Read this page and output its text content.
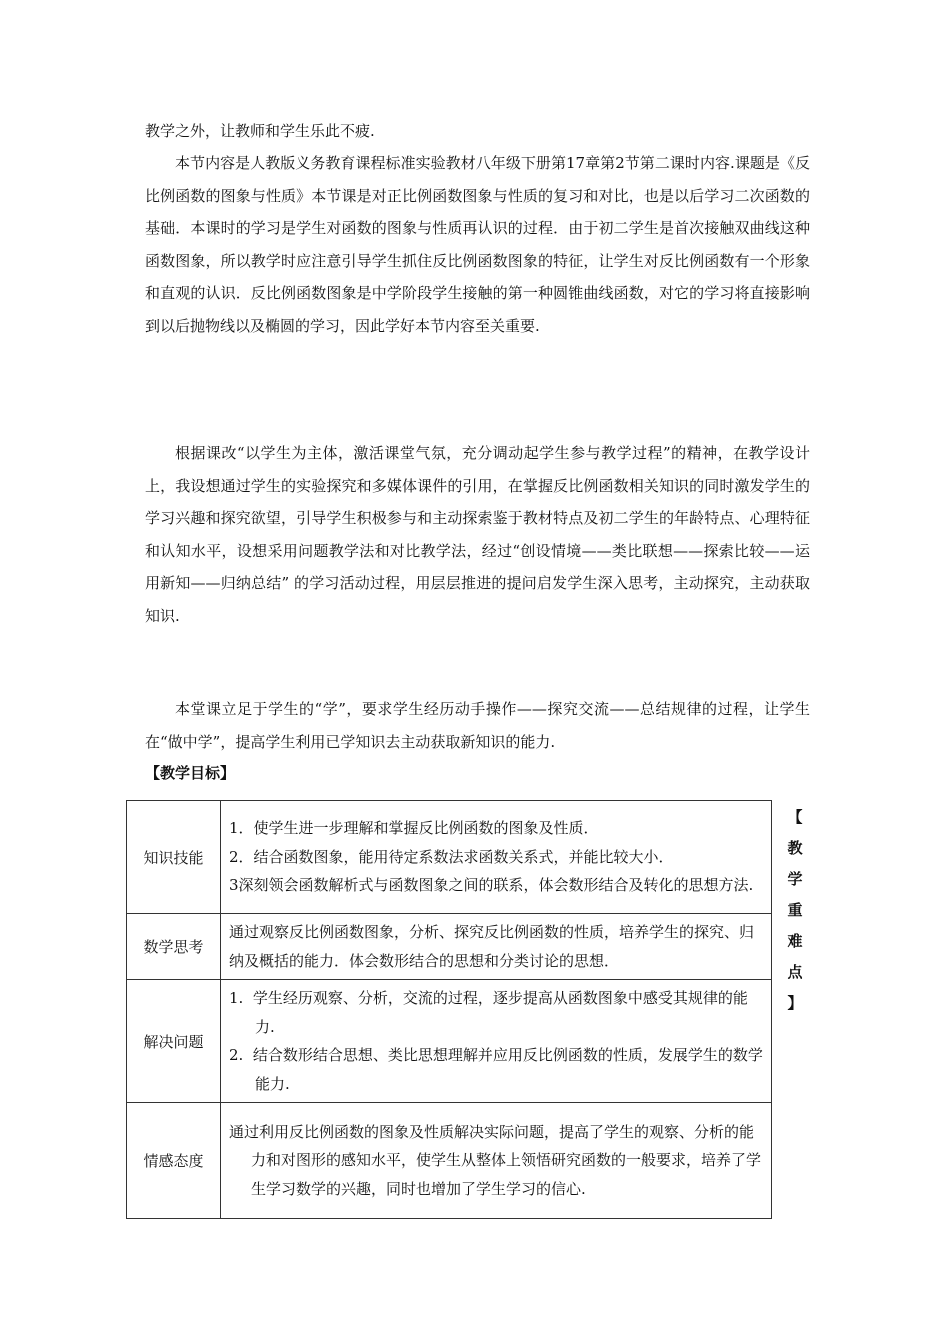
教学之外，让教师和学生乐此不疲.

本节内容是人教版义务教育课程标准实验教材八年级下册第17章第2节第二课时内容.课题是《反比例函数的图象与性质》本节课是对正比例函数图象与性质的复习和对比，也是以后学习二次函数的基础．本课时的学习是学生对函数的图象与性质再认识的过程．由于初二学生是首次接触双曲线这种函数图象，所以教学时应注意引导学生抓住反比例函数图象的特征，让学生对反比例函数有一个形象和直观的认识．反比例函数图象是中学阶段学生接触的第一种圆锥曲线函数，对它的学习将直接影响到以后抛物线以及椭圆的学习，因此学好本节内容至关重要.

根据课改“以学生为主体，激活课堂气氛，充分调动起学生参与教学过程”的精神，在教学设计上，我设想通过学生的实验探究和多媒体课件的引用，在掌握反比例函数相关知识的同时激发学生的学习兴趣和探究欲望，引导学生积极参与和主动探索鉴于教材特点及初二学生的年龄特点、心理特征和认知水平，设想采用问题教学法和对比教学法，经过“创设情境——类比联想——探索比较——运用新知——归纳总结” 的学习活动过程，用层层推进的提问启发学生深入思考，主动探究，主动获取知识.

本堂课立足于学生的“学”，要求学生经历动手操作——探究交流——总结规律的过程，让学生在“做中学”，提高学生利用已学知识去主动获取新知识的能力.

【教学目标】
知识技能	1．使学生进一步理解和掌握反比例函数的图象及性质．
2．结合函数图象，能用待定系数法求函数关系式，并能比较大小．
3深刻领会函数解析式与函数图象之间的联系，体会数形结合及转化的思想方法.

数学思考	通过观察反比例函数图象，分析、探究反比例函数的性质，培养学生的探究、归纳及概括的能力．体会数形结合的思想和分类讨论的思想．
解决问题	1.  学生经历观察、分析，交流的过程，逐步提高从函数图象中感受其规律的能力.
2.  结合数形结合思想、类比思想理解并应用反比例函数的性质，发展学生的数学能力.

情感态度	通过利用反比例函数的图象及性质解决实际问题，提高了学生的观察、分析的能力和对图形的感知水平，使学生从整体上领悟研究函数的一般要求，培养了学生学习数学的兴趣，同时也增加了学生学习的信心.
【
教
学
重
难
点
】
